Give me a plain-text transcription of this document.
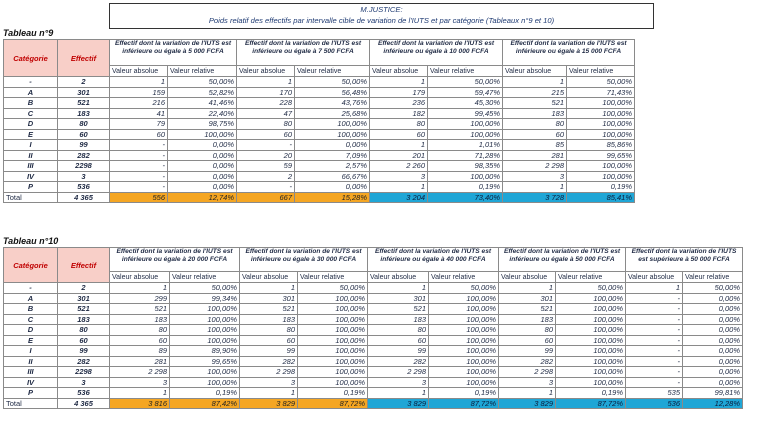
M.JUSTICE:
Poids relatif des effectifs par intervalle cible de variation de l'IUTS et par catégorie (Tableaux n°9 et 10)
Tableau n°9
Catégorie	Effectif	Effectif dont la variation de l'IUTS est inférieure ou égale à 5 000 FCFA		Effectif dont la variation de l'IUTS est inférieure ou égale à 7 500 FCFA		Effectif dont la variation de l'IUTS est inférieure ou égale à 10 000 FCFA		Effectif dont la variation de l'IUTS est inférieure ou égale à 15 000 FCFA	
		Valeur absolue	Valeur relative	Valeur absolue	Valeur relative	Valeur absolue	Valeur relative	Valeur absolue	Valeur relative
-	2	1	50,00%	1	50,00%	1	50,00%	1	50,00%
A	301	159	52,82%	170	56,48%	179	59,47%	215	71,43%
B	521	216	41,46%	228	43,76%	236	45,30%	521	100,00%
C	183	41	22,40%	47	25,68%	182	99,45%	183	100,00%
D	80	79	98,75%	80	100,00%	80	100,00%	80	100,00%
E	60	60	100,00%	60	100,00%	60	100,00%	60	100,00%
I	99	-	0,00%	-	0,00%	1	1,01%	85	85,86%
II	282	-	0,00%	20	7,09%	201	71,28%	281	99,65%
III	2298	-	0,00%	59	2,57%	2 260	98,35%	2 298	100,00%
IV	3	-	0,00%	2	66,67%	3	100,00%	3	100,00%
P	536	-	0,00%	-	0,00%	1	0,19%	1	0,19%
Total	4 365	556	12,74%	667	15,28%	3 204	73,40%	3 728	85,41%
Tableau n°10
Catégorie	Effectif	Effectif dont la variation de l'IUTS est inférieure ou égale à 20 000 FCFA		Effectif dont la variation de l'IUTS est inférieure ou égale à 30 000 FCFA		Effectif dont la variation de l'IUTS est inférieure ou égale à 40 000 FCFA		Effectif dont la variation de l'IUTS est inférieure ou égale à 50 000 FCFA		Effectif dont la variation de l'IUTS est supérieure à 50 000 FCFA	
		Valeur absolue	Valeur relative	Valeur absolue	Valeur relative	Valeur absolue	Valeur relative	Valeur absolue	Valeur relative	Valeur absolue	Valeur relative
-	2	1	50,00%	1	50,00%	1	50,00%	1	50,00%	1	50,00%
A	301	299	99,34%	301	100,00%	301	100,00%	301	100,00%	-	0,00%
B	521	521	100,00%	521	100,00%	521	100,00%	521	100,00%	-	0,00%
C	183	183	100,00%	183	100,00%	183	100,00%	183	100,00%	-	0,00%
D	80	80	100,00%	80	100,00%	80	100,00%	80	100,00%	-	0,00%
E	60	60	100,00%	60	100,00%	60	100,00%	60	100,00%	-	0,00%
I	99	89	89,90%	99	100,00%	99	100,00%	99	100,00%	-	0,00%
II	282	281	99,65%	282	100,00%	282	100,00%	282	100,00%	-	0,00%
III	2298	2 298	100,00%	2 298	100,00%	2 298	100,00%	2 298	100,00%	-	0,00%
IV	3	3	100,00%	3	100,00%	3	100,00%	3	100,00%	-	0,00%
P	536	1	0,19%	1	0,19%	1	0,19%	1	0,19%	535	99,81%
Total	4 365	3 816	87,42%	3 829	87,72%	3 829	87,72%	3 829	87,72%	536	12,28%
